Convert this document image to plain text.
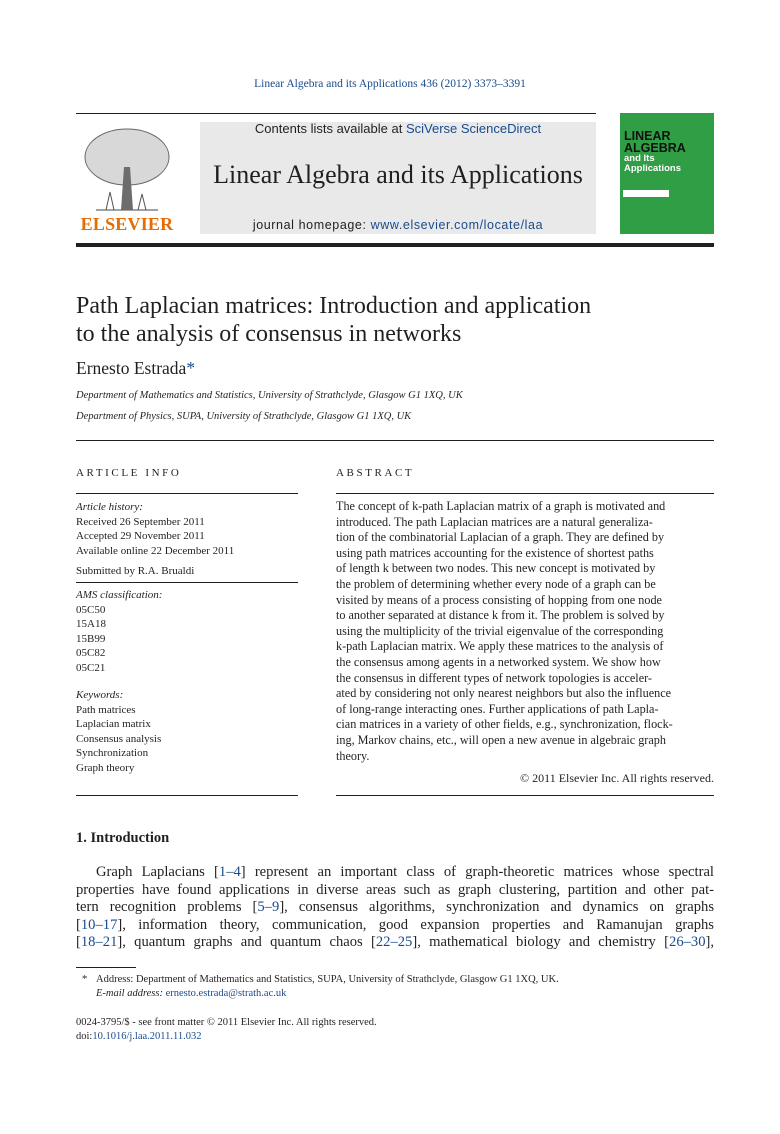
Linear Algebra and its Applications 436 (2012) 3373–3391
ELSEVIER
Contents lists available at SciVerse ScienceDirect
Linear Algebra and its Applications
journal homepage: www.elsevier.com/locate/laa
LINEAR
ALGEBRA
and Its
Applications
Path Laplacian matrices: Introduction and application
to the analysis of consensus in networks
Ernesto Estrada*
Department of Mathematics and Statistics, University of Strathclyde, Glasgow G1 1XQ, UK
Department of Physics, SUPA, University of Strathclyde, Glasgow G1 1XQ, UK
ARTICLE INFO
Article history:
Received 26 September 2011
Accepted 29 November 2011
Available online 22 December 2011
Submitted by R.A. Brualdi
AMS classification:
05C50
15A18
15B99
05C82
05C21
Keywords:
Path matrices
Laplacian matrix
Consensus analysis
Synchronization
Graph theory
ABSTRACT
The concept of k-path Laplacian matrix of a graph is motivated and
introduced. The path Laplacian matrices are a natural generaliza-
tion of the combinatorial Laplacian of a graph. They are defined by
using path matrices accounting for the existence of shortest paths
of length k between two nodes. This new concept is motivated by
the problem of determining whether every node of a graph can be
visited by means of a process consisting of hopping from one node
to another separated at distance k from it. The problem is solved by
using the multiplicity of the trivial eigenvalue of the corresponding
k-path Laplacian matrix. We apply these matrices to the analysis of
the consensus among agents in a networked system. We show how
the consensus in different types of network topologies is acceler-
ated by considering not only nearest neighbors but also the influence
of long-range interacting ones. Further applications of path Lapla-
cian matrices in a variety of other fields, e.g., synchronization, flock-
ing, Markov chains, etc., will open a new avenue in algebraic graph
theory.
© 2011 Elsevier Inc. All rights reserved.
1. Introduction
Graph Laplacians [1–4] represent an important class of graph-theoretic matrices whose spectral
properties have found applications in diverse areas such as graph clustering, partition and other pat-
tern recognition problems [5–9], consensus algorithms, synchronization and dynamics on graphs
[10–17], information theory, communication, good expansion properties and Ramanujan graphs
[18–21], quantum graphs and quantum chaos [22–25], mathematical biology and chemistry [26–30],
* Address: Department of Mathematics and Statistics, SUPA, University of Strathclyde, Glasgow G1 1XQ, UK.
E-mail address: ernesto.estrada@strath.ac.uk
0024-3795/$ - see front matter © 2011 Elsevier Inc. All rights reserved.
doi:10.1016/j.laa.2011.11.032
